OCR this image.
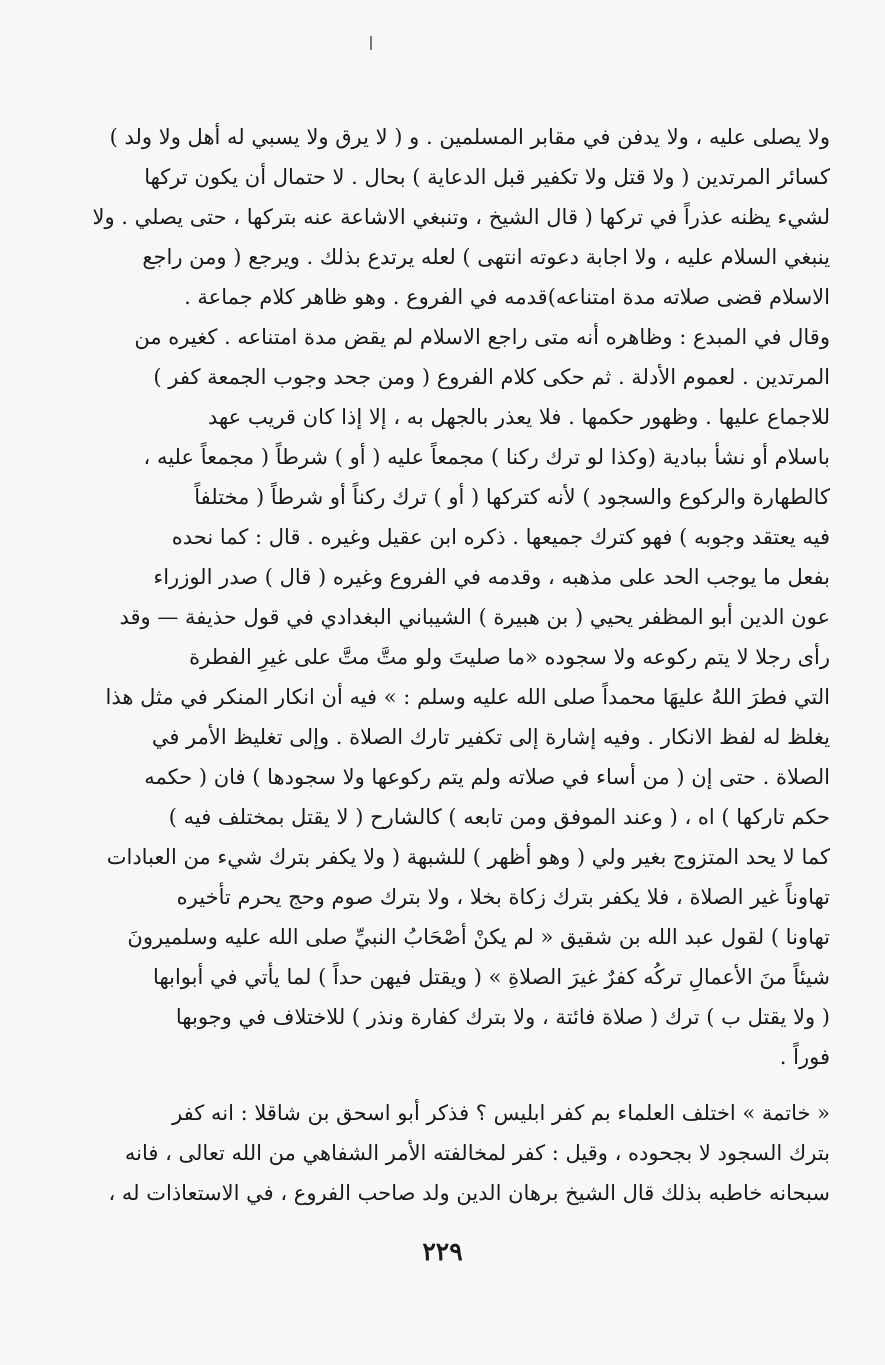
ولا يصلى عليه ، ولا يدفن في مقابر المسلمين . و ( لا يرق ولا يسبي له أهل ولا ولد )
كسائر المرتدين ( ولا قتل ولا تكفير قبل الدعاية ) بحال . لا حتمال أن يكون تركها
لشيء يظنه عذراً في تركها ( قال الشيخ ، وتنبغي الاشاعة عنه بتركها ، حتى يصلي . ولا
ينبغي السلام عليه ، ولا اجابة دعوته انتهى ) لعله يرتدع بذلك . ويرجع ( ومن راجع
الاسلام قضى صلاته مدة امتناعه)قدمه في الفروع . وهو ظاهر كلام جماعة .
وقال في المبدع : وظاهره أنه متى راجع الاسلام لم يقض مدة امتناعه . كغيره من
المرتدين . لعموم الأدلة . ثم حكى كلام الفروع ( ومن جحد وجوب الجمعة كفر )
للاجماع عليها . وظهور حكمها . فلا يعذر بالجهل به ، إلا إذا كان قريب عهد
باسلام أو نشأ ببادية (وكذا لو ترك ركنا ) مجمعاً عليه ( أو ) شرطاً ( مجمعاً عليه ،
كالطهارة والركوع والسجود ) لأنه كتركها ( أو ) ترك ركناً أو شرطاً ( مختلفاً
فيه يعتقد وجوبه ) فهو كترك جميعها . ذكره ابن عقيل وغيره . قال : كما نحده
بفعل ما يوجب الحد على مذهبه ، وقدمه في الفروع وغيره ( قال ) صدر الوزراء
عون الدين أبو المظفر يحيي ( بن هبيرة ) الشيباني البغدادي في قول حذيفة — وقد
رأى رجلا لا يتم ركوعه ولا سجوده «ما صليتَ ولو متَّ متَّ على غيرِ الفطرة
التي فطرَ اللهُ عليهَا محمداً صلى الله عليه وسلم : » فيه أن انكار المنكر في مثل هذا
يغلظ له لفظ الانكار . وفيه إشارة إلى تكفير تارك الصلاة . وإلى تغليظ الأمر في
الصلاة . حتى إن ( من أساء في صلاته ولم يتم ركوعها ولا سجودها ) فان ( حكمه
حكم تاركها ) اه ، ( وعند الموفق ومن تابعه ) كالشارح ( لا يقتل بمختلف فيه )
كما لا يحد المتزوج بغير ولي ( وهو أظهر ) للشبهة ( ولا يكفر بترك شيء من العبادات
تهاوناً غير الصلاة ، فلا يكفر بترك زكاة بخلا ، ولا بترك صوم وحج يحرم تأخيره
تهاونا ) لقول عبد الله بن شقيق « لم يكنْ أصْحَابُ النبيِّ صلى الله عليه وسلميرونَ
شيئاً منَ الأعمالِ تركُه كفرٌ غيرَ الصلاةِ » ( ويقتل فيهن حداً ) لما يأتي في أبوابها
( ولا يقتل ب ) ترك ( صلاة فائتة ، ولا بترك كفارة ونذر ) للاختلاف في وجوبها
فوراً .
« خاتمة » اختلف العلماء بم كفر ابليس ؟ فذكر أبو اسحق بن شاقلا : انه كفر
بترك السجود لا بجحوده ، وقيل : كفر لمخالفته الأمر الشفاهي من الله تعالى ، فانه
سبحانه خاطبه بذلك قال الشيخ برهان الدين ولد صاحب الفروع ، في الاستعاذات له ،
٢٢٩
